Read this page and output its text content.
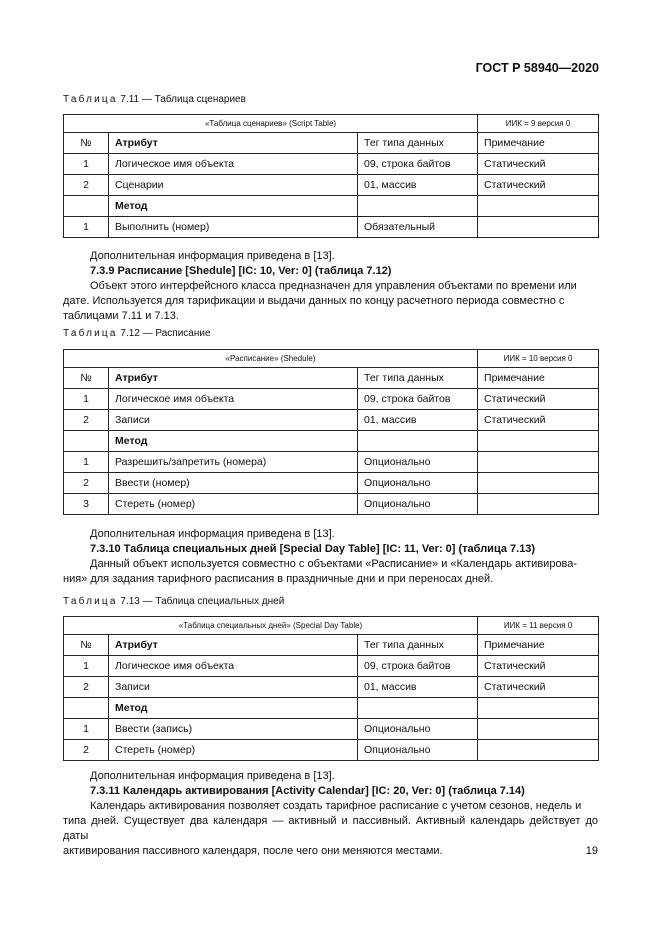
ГОСТ Р 58940—2020
Таблица 7.11 — Таблица сценариев
«Таблица сценариев» (Script Table)			ИИК = 9 версия 0
№	Атрибут	Тег типа данных	Примечание
1	Логическое имя объекта	09, строка байтов	Статический
2	Сценарии	01, массив	Статический
	Метод		
1	Выполнить (номер)	Обязательный	
Дополнительная информация приведена в [13].
7.3.9 Расписание [Shedule] [IC: 10, Ver: 0] (таблица 7.12)
Объект этого интерфейсного класса предназначен для управления объектами по времени или
дате. Используется для тарификации и выдачи данных по концу расчетного периода совместно с
таблицами 7.11 и 7.13.
Таблица 7.12 — Расписание
«Расписание» (Shedule)			ИИК = 10 версия 0
№	Атрибут	Тег типа данных	Примечание
1	Логическое имя объекта	09, строка байтов	Статический
2	Записи	01, массив	Статический
	Метод		
1	Разрешить/запретить (номера)	Опционально	
2	Ввести (номер)	Опционально	
3	Стереть (номер)	Опционально	
Дополнительная информация приведена в [13].
7.3.10 Таблица специальных дней [Special Day Table] [IC: 11, Ver: 0] (таблица 7.13)
Данный объект используется совместно с объектами «Расписание» и «Календарь активирова-
ния» для задания тарифного расписания в праздничные дни и при переносах дней.
Таблица 7.13 — Таблица специальных дней
«Таблица специальных дней» (Special Day Table)			ИИК = 11 версия 0
№	Атрибут	Тег типа данных	Примечание
1	Логическое имя объекта	09, строка байтов	Статический
2	Записи	01, массив	Статический
	Метод		
1	Ввести (запись)	Опционально	
2	Стереть (номер)	Опционально	
Дополнительная информация приведена в [13].
7.3.11 Календарь активирования [Activity Calendar] [IC: 20, Ver: 0] (таблица 7.14)
Календарь активирования позволяет создать тарифное расписание с учетом сезонов, недель и
типа дней. Существует два календаря — активный и пассивный. Активный календарь действует до даты
активирования пассивного календаря, после чего они меняются местами.	19
